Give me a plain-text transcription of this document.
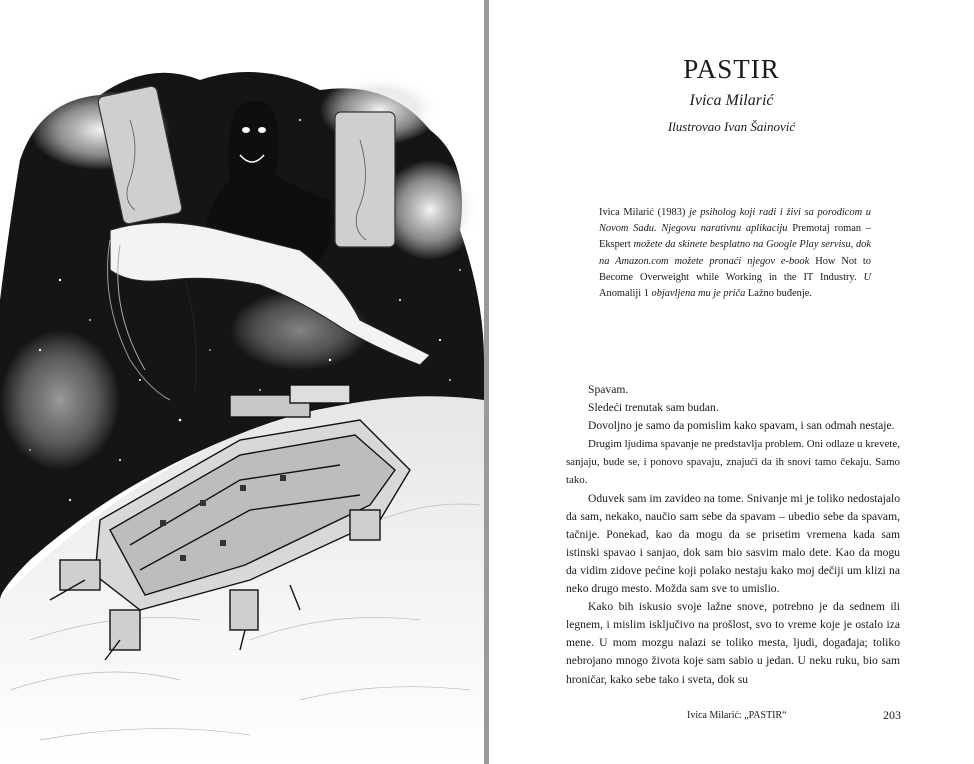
PASTIR
Ivica Milarić
Ilustrovao Ivan Šainović
Ivica Milarić (1983) je psiholog koji radi i živi sa porodicom u Novom Sadu. Njegovu narativnu aplikaciju Premotaj roman – Ekspert možete da skinete besplatno na Google Play servisu, dok na Amazon.com možete pronaći njegov e-book How Not to Become Overweight while Working in the IT Industry. U Anomaliji 1 objavljena mu je priča Lažno buđenje.

Spavam.

Sledeći trenutak sam budan.

Dovoljno je samo da pomislim kako spavam, i san odmah nestaje.

Drugim ljudima spavanje ne predstavlja problem. Oni odlaze u krevete, sanjaju, bude se, i ponovo spavaju, znajući da ih snovi tamo čekaju. Samo tako.

Oduvek sam im zavideo na tome. Snivanje mi je toliko nedostajalo da sam, nekako, naučio sam sebe da spavam – ubedio sebe da spavam, tačnije. Ponekad, kao da mogu da se prisetim vremena kada sam istinski spavao i sanjao, dok sam bio sasvim malo dete. Kao da mogu da vidim zidove pećine koji polako nestaju kako moj dečiji um klizi na neko drugo mesto. Možda sam sve to umislio.

Kako bih iskusio svoje lažne snove, potrebno je da sednem ili legnem, i mislim isključivo na prošlost, svo to vreme koje je ostalo iza mene. U mom mozgu nalazi se toliko mesta, ljudi, događaja; toliko nebrojano mnogo života koje sam sabio u jedan. U neku ruku, bio sam hroničar, kako sebe tako i sveta, dok su

Ivica Milarić: „PASTIR“	203
